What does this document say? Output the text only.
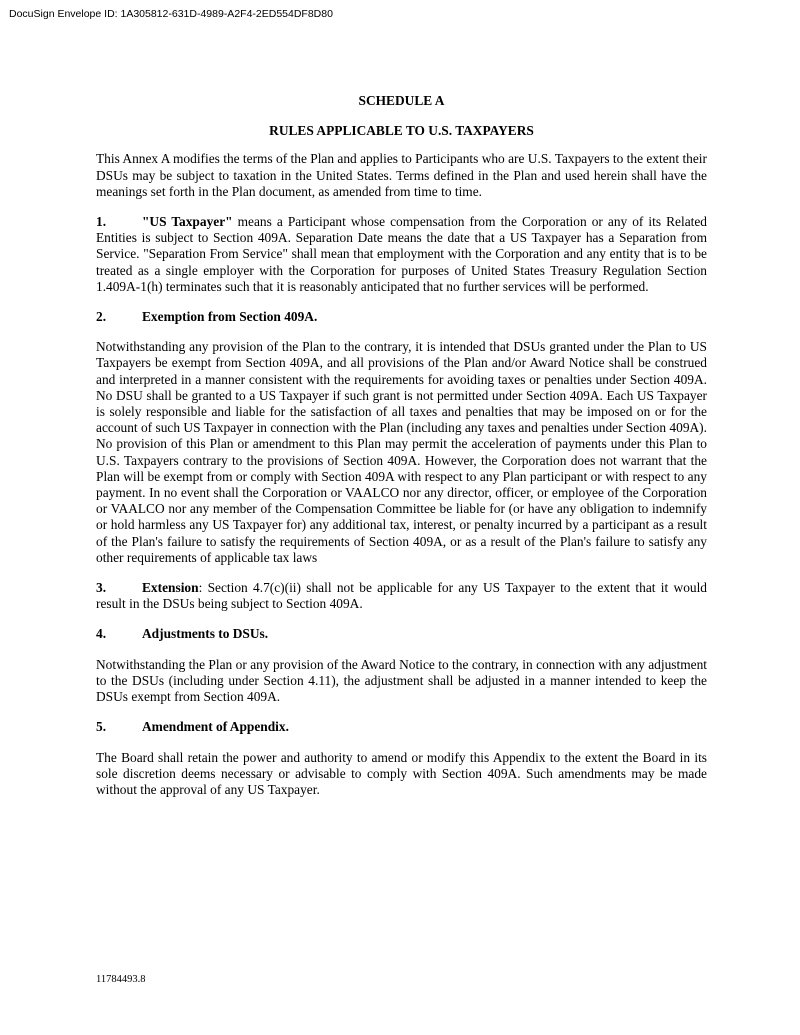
DocuSign Envelope ID: 1A305812-631D-4989-A2F4-2ED554DF8D80

SCHEDULE A

RULES APPLICABLE TO U.S. TAXPAYERS

This Annex A modifies the terms of the Plan and applies to Participants who are U.S. Taxpayers to the extent their DSUs may be subject to taxation in the United States. Terms defined in the Plan and used herein shall have the meanings set forth in the Plan document, as amended from time to time.

1.	"US Taxpayer" means a Participant whose compensation from the Corporation or any of its Related Entities is subject to Section 409A. Separation Date means the date that a US Taxpayer has a Separation from Service. "Separation From Service" shall mean that employment with the Corporation and any entity that is to be treated as a single employer with the Corporation for purposes of United States Treasury Regulation Section 1.409A-1(h) terminates such that it is reasonably anticipated that no further services will be performed.

2.	Exemption from Section 409A.

Notwithstanding any provision of the Plan to the contrary, it is intended that DSUs granted under the Plan to US Taxpayers be exempt from Section 409A, and all provisions of the Plan and/or Award Notice shall be construed and interpreted in a manner consistent with the requirements for avoiding taxes or penalties under Section 409A. No DSU shall be granted to a US Taxpayer if such grant is not permitted under Section 409A. Each US Taxpayer is solely responsible and liable for the satisfaction of all taxes and penalties that may be imposed on or for the account of such US Taxpayer in connection with the Plan (including any taxes and penalties under Section 409A). No provision of this Plan or amendment to this Plan may permit the acceleration of payments under this Plan to U.S. Taxpayers contrary to the provisions of Section 409A. However, the Corporation does not warrant that the Plan will be exempt from or comply with Section 409A with respect to any Plan participant or with respect to any payment. In no event shall the Corporation or VAALCO nor any director, officer, or employee of the Corporation or VAALCO nor any member of the Compensation Committee be liable for (or have any obligation to indemnify or hold harmless any US Taxpayer for) any additional tax, interest, or penalty incurred by a participant as a result of the Plan's failure to satisfy the requirements of Section 409A, or as a result of the Plan's failure to satisfy any other requirements of applicable tax laws

3.	Extension: Section 4.7(c)(ii) shall not be applicable for any US Taxpayer to the extent that it would result in the DSUs being subject to Section 409A.

4.	Adjustments to DSUs.

Notwithstanding the Plan or any provision of the Award Notice to the contrary, in connection with any adjustment to the DSUs (including under Section 4.11), the adjustment shall be adjusted in a manner intended to keep the DSUs exempt from Section 409A.

5.	Amendment of Appendix.

The Board shall retain the power and authority to amend or modify this Appendix to the extent the Board in its sole discretion deems necessary or advisable to comply with Section 409A. Such amendments may be made without the approval of any US Taxpayer.

11784493.8
